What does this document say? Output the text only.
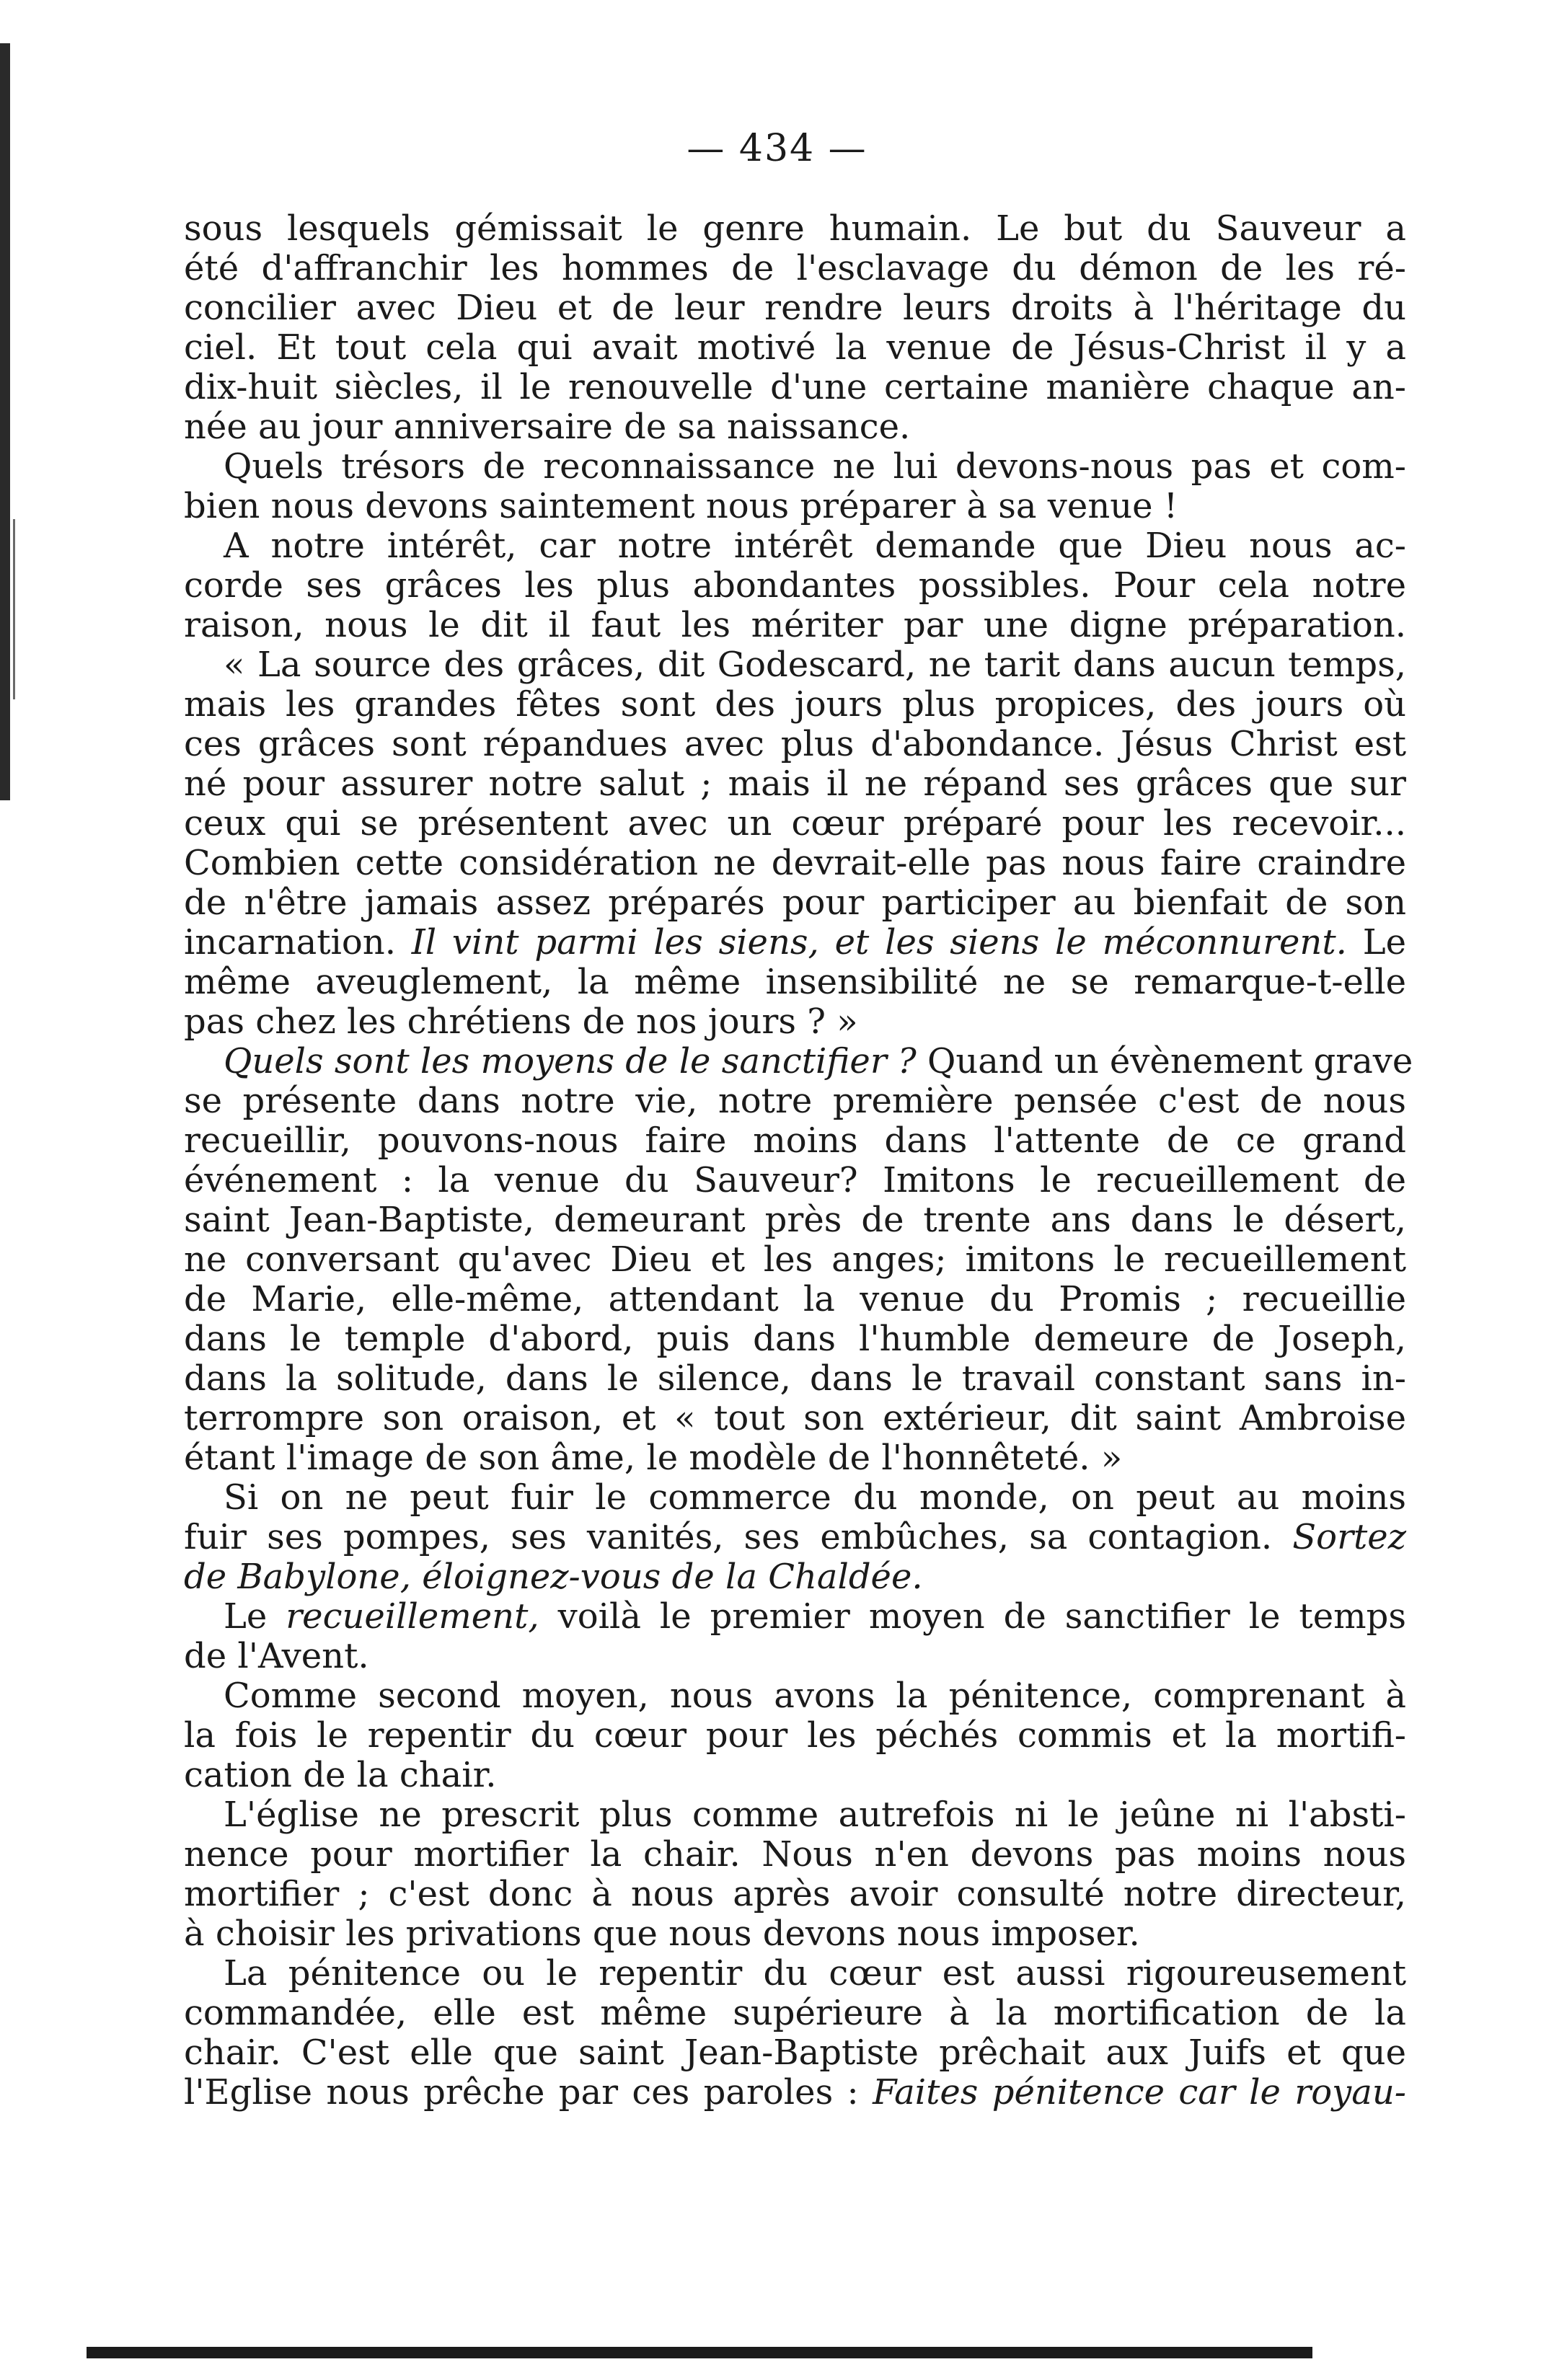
— 434 —
sous lesquels gémissait le genre humain. Le but du Sauveur a
été d'affranchir les hommes de l'esclavage du démon de les ré-
concilier avec Dieu et de leur rendre leurs droits à l'héritage du
ciel. Et tout cela qui avait motivé la venue de Jésus-Christ il y a
dix-huit siècles, il le renouvelle d'une certaine manière chaque an-
née au jour anniversaire de sa naissance.
Quels trésors de reconnaissance ne lui devons-nous pas et com-
bien nous devons saintement nous préparer à sa venue !
A notre intérêt, car notre intérêt demande que Dieu nous ac-
corde ses grâces les plus abondantes possibles. Pour cela notre
raison, nous le dit il faut les mériter par une digne préparation.
« La source des grâces, dit Godescard, ne tarit dans aucun temps,
mais les grandes fêtes sont des jours plus propices, des jours où
ces grâces sont répandues avec plus d'abondance. Jésus Christ est
né pour assurer notre salut ; mais il ne répand ses grâces que sur
ceux qui se présentent avec un cœur préparé pour les recevoir...
Combien cette considération ne devrait-elle pas nous faire craindre
de n'être jamais assez préparés pour participer au bienfait de son
incarnation. Il vint parmi les siens, et les siens le méconnurent. Le
même aveuglement, la même insensibilité ne se remarque-t-elle
pas chez les chrétiens de nos jours ? »
Quels sont les moyens de le sanctifier ? Quand un évènement grave
se présente dans notre vie, notre première pensée c'est de nous
recueillir, pouvons-nous faire moins dans l'attente de ce grand
événement : la venue du Sauveur? Imitons le recueillement de
saint Jean-Baptiste, demeurant près de trente ans dans le désert,
ne conversant qu'avec Dieu et les anges; imitons le recueillement
de Marie, elle-même, attendant la venue du Promis ; recueillie
dans le temple d'abord, puis dans l'humble demeure de Joseph,
dans la solitude, dans le silence, dans le travail constant sans in-
terrompre son oraison, et « tout son extérieur, dit saint Ambroise
étant l'image de son âme, le modèle de l'honnêteté. »
Si on ne peut fuir le commerce du monde, on peut au moins
fuir ses pompes, ses vanités, ses embûches, sa contagion. Sortez
de Babylone, éloignez-vous de la Chaldée.
Le recueillement, voilà le premier moyen de sanctifier le temps
de l'Avent.
Comme second moyen, nous avons la pénitence, comprenant à
la fois le repentir du cœur pour les péchés commis et la mortifi-
cation de la chair.
L'église ne prescrit plus comme autrefois ni le jeûne ni l'absti-
nence pour mortifier la chair. Nous n'en devons pas moins nous
mortifier ; c'est donc à nous après avoir consulté notre directeur,
à choisir les privations que nous devons nous imposer.
La pénitence ou le repentir du cœur est aussi rigoureusement
commandée, elle est même supérieure à la mortification de la
chair. C'est elle que saint Jean-Baptiste prêchait aux Juifs et que
l'Eglise nous prêche par ces paroles : Faites pénitence car le royau-
